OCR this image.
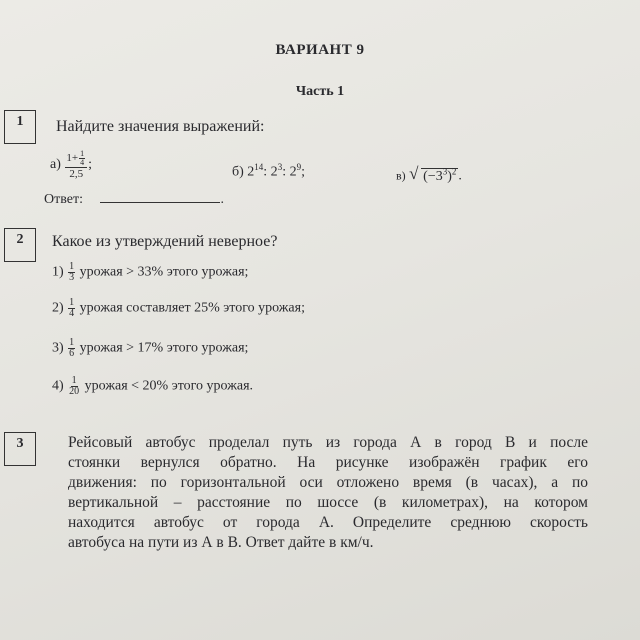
ВАРИАНТ 9
Часть 1
1	Найдите значения выражений:
$а) \frac{1+ \frac{1}{4}}{2,5}$ ;	б) $2^{14}$: $2^3$: $2^9$;	в) √ $(-3^3)^2$ .
Ответ:	.
2	Какое из утверждений неверное?
$1) \frac{1}{3}$ урожая > 33% этого урожая;
$2) \frac{1}{4}$ урожая составляет 25% этого урожая;
$3) \frac{1}{6}$ урожая > 17% этого урожая;
$4) \frac{1}{20}$ урожая < 20% этого урожая.
3	Рейсовый автобус проделал путь из города А в город В и после
стоянки вернулся обратно. На рисунке изображён график его
движения: по горизонтальной оси отложено время (в часах), а по
вертикальной – расстояние по шоссе (в километрах), на котором
находится автобус от города А. Определите среднюю скорость
автобуса на пути из А в В. Ответ дайте в км/ч.
